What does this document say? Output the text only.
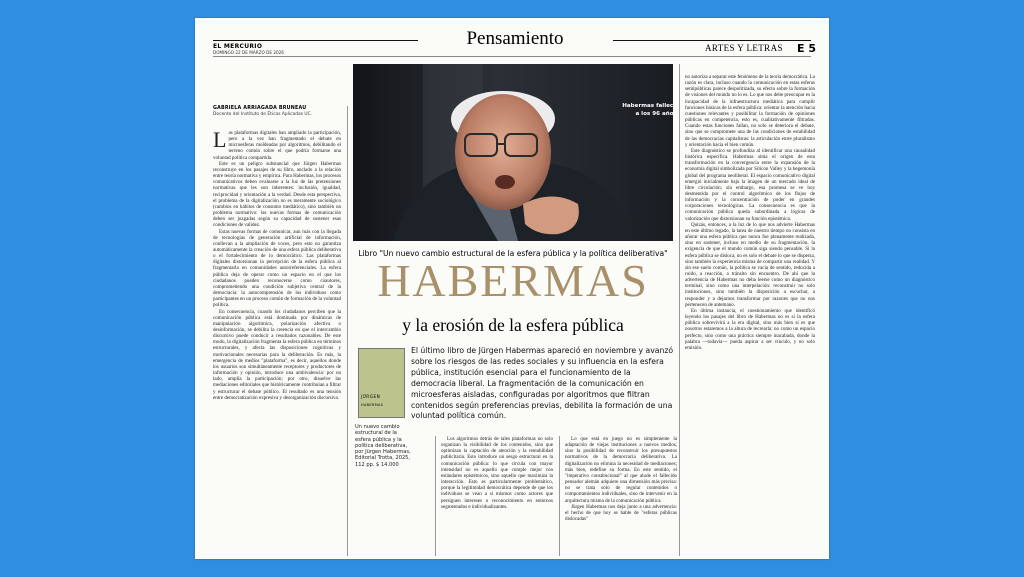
EL MERCURIO
DOMINGO 22 DE MARZO DE 2026
Pensamiento	ARTES Y LETRAS E 5
GABRIELA ARRIAGADA BRUNEAU
Docente del Instituto de Éticas Aplicadas UC.

Las plataformas digitales han ampliado la participación, pero a la vez han fragmentado el debate en microesferas moldeadas por algoritmos, debilitando el terreno común sobre el que podría formarse una voluntad política compartida.

Este es un peligro substancial que Jürgen Habermas reconstruye en los pasajes de su libro, anclado a la relación entre teoría normativa y empírica. Para Habermas, los procesos comunicativos deben evaluarse a la luz de las pretensiones normativas que les son inherentes: inclusión, igualdad, reciprocidad y orientación a la verdad. Desde esta perspectiva, el problema de la digitalización no es meramente sociológico (cambios en hábitos de consumo mediático), sino también un problema normativo: las nuevas formas de comunicación deben ser juzgadas según su capacidad de sostener esas condiciones de validez.

Estas nuevas formas de comunicar, aun más con la llegada de tecnologías de generación artificial de información, conllevan a la ampliación de voces, pero esto no garantiza automáticamente la creación de una esfera pública deliberativa o el fortalecimiento de lo democrático. Las plataformas digitales distorsionan la percepción de la esfera pública al fragmentarla en comunidades autorreferenciales. La esfera pública deja de operar como un espacio en el que los ciudadanos pueden reconocerse como coautores, comprometiendo una condición subjetiva central de la democracia: la autocomprensión de los individuos como participantes en un proceso común de formación de la voluntad política.

En consecuencia, cuando los ciudadanos perciben que la comunicación pública está dominada por dinámicas de manipulación algorítmica, polarización afectiva o desinformación, se debilita la creencia en que el intercambio discursivo puede conducir a resultados razonables. De este modo, la digitalización fragmenta la esfera pública en términos estructurales, y afecta las disposiciones cognitivas y motivacionales necesarias para la deliberación. Es más, la emergencia de medios "plataforma", es decir, aquellos donde los usuarios son simultáneamente receptores y productores de información y opinión, introduce una ambivalencia: por un lado, amplía la participación; por otro, disuelve las mediaciones editoriales que históricamente contribuían a filtrar y estructurar el debate público. El resultado es una tensión entre democratización expresiva y desorganización discursiva.

Habermas falleció a los 96 años.
Libro "Un nuevo cambio estructural de la esfera pública y la política deliberativa"
HABERMAS
y la erosión de la esfera pública
JÜRGEN
HABERMAS
Un nuevo cambio estructural de la esfera pública y la política deliberativa, por Jürgen Habermas, Editorial Trotta, 2025, 112 pp. $ 14.000
El último libro de Jürgen Habermas apareció en noviembre y avanzó sobre los riesgos de las redes sociales y su influencia en la esfera pública, institución esencial para el funcionamiento de la democracia liberal. La fragmentación de la comunicación en microesferas aisladas, configuradas por algoritmos que filtran contenidos según preferencias previas, debilita la formación de una voluntad política común.

Los algoritmos detrás de tales plataformas no solo organizan la visibilidad de los contenidos, sino que optimizan la captación de atención y la rentabilidad publicitaria. Esto introduce un sesgo estructural en la comunicación pública: lo que circula con mayor intensidad no es aquello que cumple mejor con estándares epistémicos, sino aquello que maximiza la interacción. Esto es particularmente problemático, porque la legitimidad democrática depende de que los individuos se vean a sí mismos como actores que persiguen intereses o reconocimiento en entornos segmentados e individualizantes.

Lo que está en juego no es simplemente la adaptación de viejas instituciones a nuevos medios, sino la posibilidad de reconstruir los presupuestos normativos de la democracia deliberativa. La digitalización no elimina la necesidad de mediaciones; más bien, redefine su forma. En este sentido, el "imperativo constitucional" al que alude el fallecido pensador alemán adquiere una dimensión más precisa: no se trata solo de regular contenidos o comportamientos individuales, sino de intervenir en la arquitectura misma de la comunicación pública.

Jürgen Habermas nos deja junto a una advertencia: el hecho de que hoy se hable de "esferas públicas dislocadas"

no autoriza a separar este fenómeno de la teoría democrática. La razón es clara, incluso cuando la comunicación en estas esferas semipúblicas parece despolitizada, su efecto sobre la formación de visiones del mundo no lo es. Lo que nos debe preocupar es la incapacidad de la infraestructura mediática para cumplir funciones básicas de la esfera pública: orientar la atención hacia cuestiones relevantes y posibilitar la formación de opiniones públicas en competencia, esto es, cualitativamente filtradas. Cuando estas funciones fallan, no solo se deteriora el debate, sino que se compromete una de las condiciones de estabilidad de las democracias capitalistas: la articulación entre pluralismo y orientación hacia el bien común.

Este diagnóstico se profundiza al identificar una causalidad histórica específica. Habermas sitúa el origen de esta transformación en la convergencia entre la expansión de la economía digital simbolizada por Silicon Valley y la hegemonía global del programa neoliberal. El espacio comunicativo digital emergió inicialmente bajo la imagen de un mercado ideal de libre circulación; sin embargo, esa promesa se ve hoy desmentida por el control algorítmico de los flujos de información y la concentración de poder en grandes corporaciones tecnológicas. La consecuencia es que la comunicación pública queda subordinada a lógicas de valorización que distorsionan su función epistémica.

Quizás, entonces, a la luz de lo que nos advierte Habermas en este último legado, la tarea de nuestro tiempo no consista en añorar una esfera pública que nunca fue plenamente realizada, sino en sostener, incluso en medio de su fragmentación, la exigencia de que el mundo común siga siendo pensable. Si la esfera pública se disloca, no es solo el debate lo que se dispersa, sino también la experiencia misma de compartir una realidad. Y sin ese suelo común, la política se vacía de sentido, reducida a ruido, a reacción, a tránsito sin encuentro. De ahí que la advertencia de Habermas no deba leerse como un diagnóstico terminal, sino como una interpelación: reconstruir no solo instituciones, sino también la disposición a escuchar, a responder y a dejarnos transformar por razones que no nos pertenecen de antemano.

En última instancia, el cuestionamiento que identificó leyendo los pasajes del libro de Habermas no es si la esfera pública sobrevivirá a la era digital, sino más bien si es que nosotros estaremos a la altura de recrearla: no como un espacio perfecto, sino como una práctica siempre inacabada, donde la palabra —todavía— pueda aspirar a ser vínculo, y no solo emisión.
